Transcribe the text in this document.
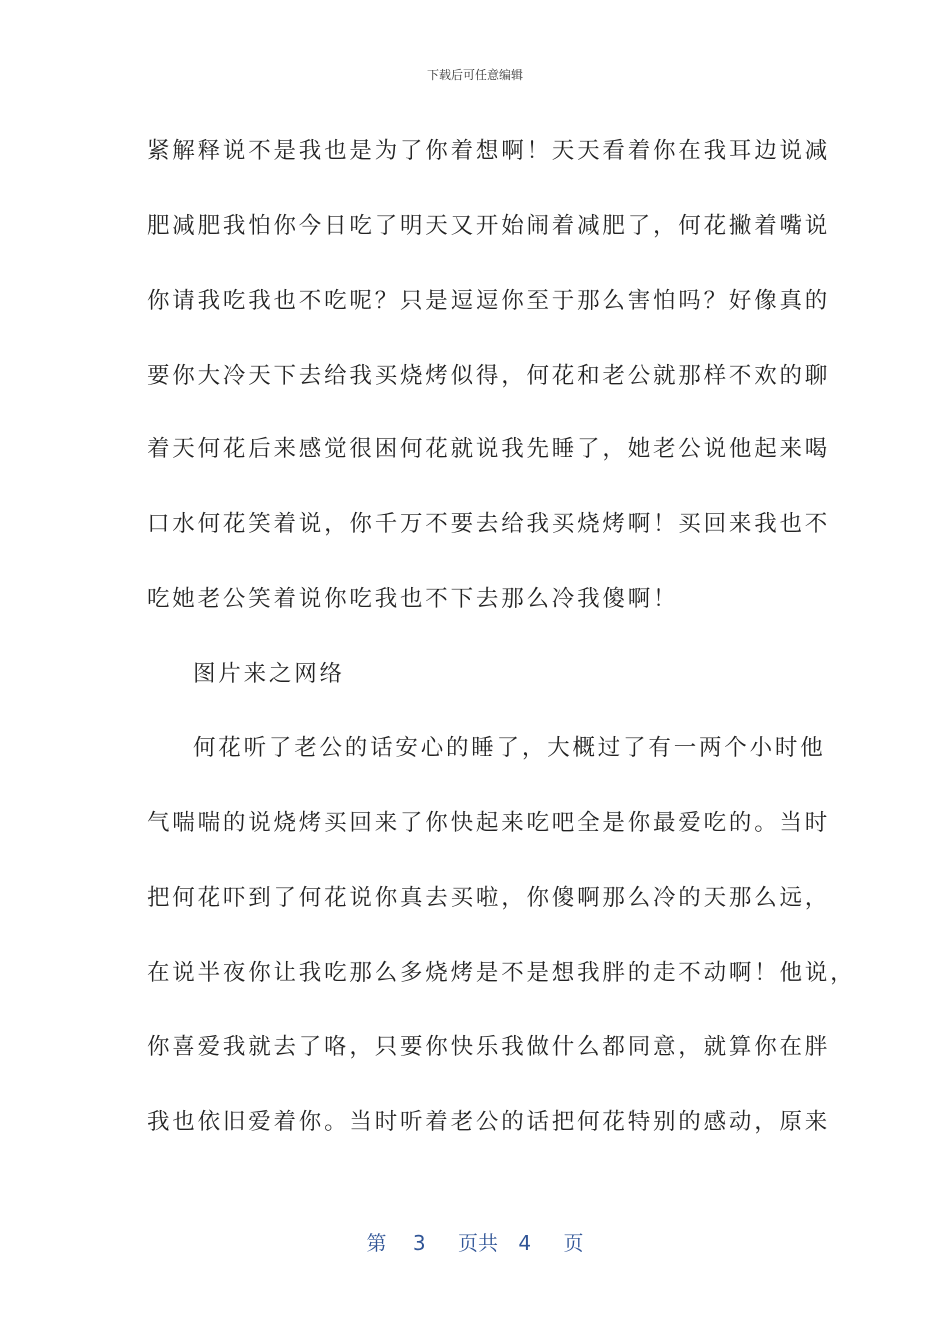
下载后可任意编辑
紧解释说不是我也是为了你着想啊！天天看着你在我耳边说减
肥减肥我怕你今日吃了明天又开始闹着减肥了，何花撇着嘴说
你请我吃我也不吃呢？只是逗逗你至于那么害怕吗？好像真的
要你大冷天下去给我买烧烤似得，何花和老公就那样不欢的聊
着天何花后来感觉很困何花就说我先睡了，她老公说他起来喝
口水何花笑着说，你千万不要去给我买烧烤啊！买回来我也不
吃她老公笑着说你吃我也不下去那么冷我傻啊！
图片来之网络
何花听了老公的话安心的睡了，大概过了有一两个小时他
气喘喘的说烧烤买回来了你快起来吃吧全是你最爱吃的。当时
把何花吓到了何花说你真去买啦，你傻啊那么冷的天那么远，
在说半夜你让我吃那么多烧烤是不是想我胖的走不动啊！他说，
你喜爱我就去了咯，只要你快乐我做什么都同意，就算你在胖
我也依旧爱着你。当时听着老公的话把何花特别的感动，原来
第 3 页共 4 页
